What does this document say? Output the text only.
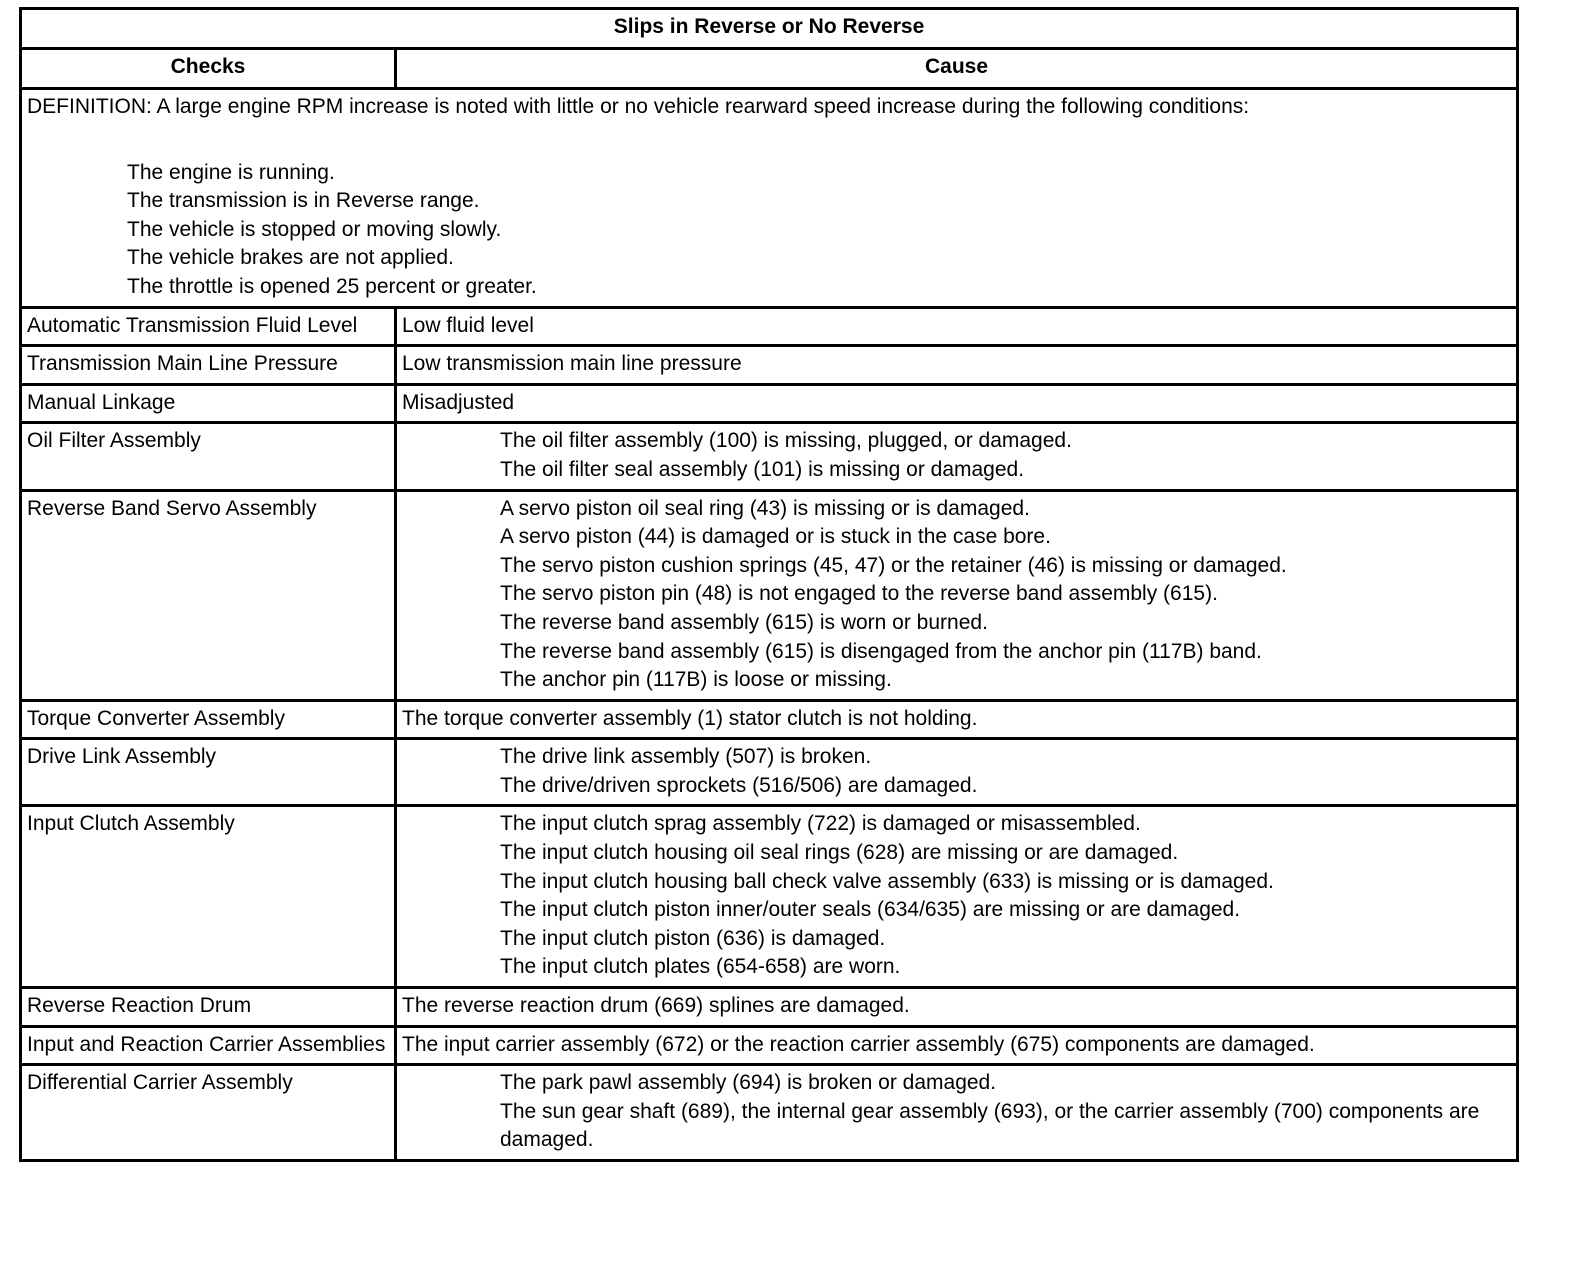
Slips in Reverse or No Reverse	
Checks	Cause

DEFINITION: A large engine RPM increase is noted with little or no vehicle rearward speed increase during the following conditions:
The engine is running.
The transmission is in Reverse range.
The vehicle is stopped or moving slowly.
The vehicle brakes are not applied.
The throttle is opened 25 percent or greater.

Automatic Transmission Fluid Level	Low fluid level
Transmission Main Line Pressure	Low transmission main line pressure
Manual Linkage	Misadjusted
Oil Filter Assembly	The oil filter assembly (100) is missing, plugged, or damaged.
The oil filter seal assembly (101) is missing or damaged.

Reverse Band Servo Assembly	A servo piston oil seal ring (43) is missing or is damaged.
A servo piston (44) is damaged or is stuck in the case bore.
The servo piston cushion springs (45, 47) or the retainer (46) is missing or damaged.
The servo piston pin (48) is not engaged to the reverse band assembly (615).
The reverse band assembly (615) is worn or burned.
The reverse band assembly (615) is disengaged from the anchor pin (117B) band.
The anchor pin (117B) is loose or missing.

Torque Converter Assembly	The torque converter assembly (1) stator clutch is not holding.
Drive Link Assembly	The drive link assembly (507) is broken.
The drive/driven sprockets (516/506) are damaged.

Input Clutch Assembly	The input clutch sprag assembly (722) is damaged or misassembled.
The input clutch housing oil seal rings (628) are missing or are damaged.
The input clutch housing ball check valve assembly (633) is missing or is damaged.
The input clutch piston inner/outer seals (634/635) are missing or are damaged.
The input clutch piston (636) is damaged.
The input clutch plates (654-658) are worn.

Reverse Reaction Drum	The reverse reaction drum (669) splines are damaged.
Input and Reaction Carrier Assemblies	The input carrier assembly (672) or the reaction carrier assembly (675) components are damaged.
Differential Carrier Assembly	The park pawl assembly (694) is broken or damaged.
The sun gear shaft (689), the internal gear assembly (693), or the carrier assembly (700) components are damaged.
